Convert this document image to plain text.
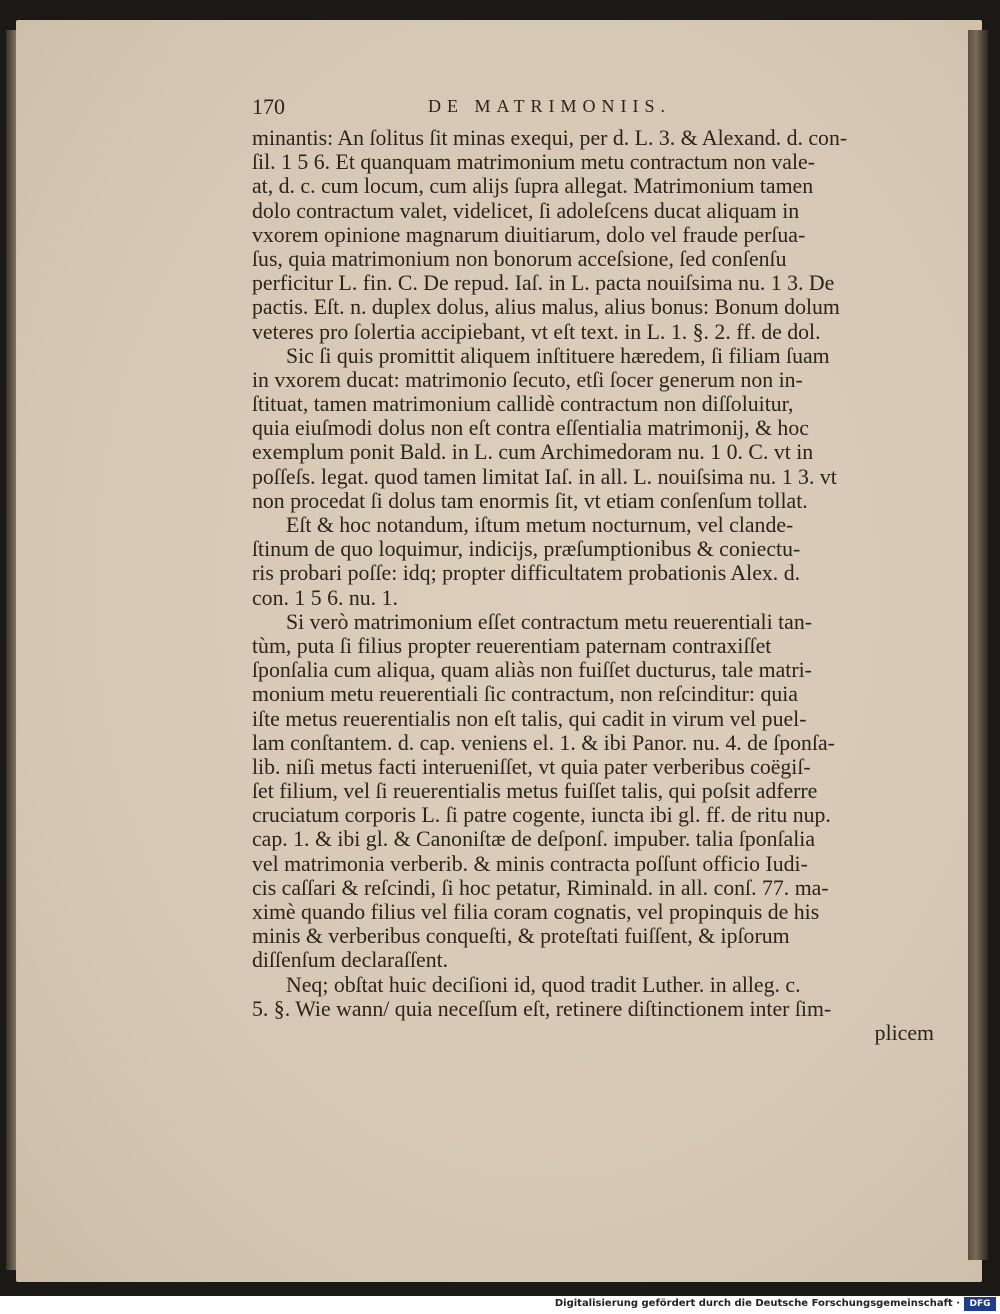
170	DE MATRIMONIIS.
minantis: An ſolitus ſit minas exequi, per d. L. 3. & Alexand. d. con-
ſil. 1 5 6. Et quanquam matrimonium metu contractum non vale-
at, d. c. cum locum, cum alijs ſupra allegat. Matrimonium tamen
dolo contractum valet, videlicet, ſi adoleſcens ducat aliquam in
vxorem opinione magnarum diuitiarum, dolo vel fraude perſua-
ſus, quia matrimonium non bonorum acceſsione, ſed conſenſu
perficitur L. fin. C. De repud. Iaſ. in L. pacta nouiſsima nu. 1 3. De
pactis. Eſt. n. duplex dolus, alius malus, alius bonus: Bonum dolum
veteres pro ſolertia accipiebant, vt eſt text. in L. 1. §. 2. ff. de dol.
Sic ſi quis promittit aliquem inſtituere hæredem, ſi filiam ſuam
in vxorem ducat: matrimonio ſecuto, etſi ſocer generum non in-
ſtituat, tamen matrimonium callidè contractum non diſſoluitur,
quia eiuſmodi dolus non eſt contra eſſentialia matrimonij, & hoc
exemplum ponit Bald. in L. cum Archimedoram nu. 1 0. C. vt in
poſſeſs. legat. quod tamen limitat Iaſ. in all. L. nouiſsima nu. 1 3. vt
non procedat ſi dolus tam enormis ſit, vt etiam conſenſum tollat.
Eſt & hoc notandum, iſtum metum nocturnum, vel clande-
ſtinum de quo loquimur, indicijs, præſumptionibus & coniectu-
ris probari poſſe: idq; propter difficultatem probationis Alex. d.
con. 1 5 6. nu. 1.
Si verò matrimonium eſſet contractum metu reuerentiali tan-
tùm, puta ſi filius propter reuerentiam paternam contraxiſſet
ſponſalia cum aliqua, quam aliàs non fuiſſet ducturus, tale matri-
monium metu reuerentiali ſic contractum, non reſcinditur: quia
iſte metus reuerentialis non eſt talis, qui cadit in virum vel puel-
lam conſtantem. d. cap. veniens el. 1. & ibi Panor. nu. 4. de ſponſa-
lib. niſi metus facti interueniſſet, vt quia pater verberibus coëgiſ-
ſet filium, vel ſi reuerentialis metus fuiſſet talis, qui poſsit adferre
cruciatum corporis L. ſi patre cogente, iuncta ibi gl. ff. de ritu nup.
cap. 1. & ibi gl. & Canoniſtæ de deſponſ. impuber. talia ſponſalia
vel matrimonia verberib. & minis contracta poſſunt officio Iudi-
cis caſſari & reſcindi, ſi hoc petatur, Riminald. in all. conſ. 77. ma-
ximè quando filius vel filia coram cognatis, vel propinquis de his
minis & verberibus conqueſti, & proteſtati fuiſſent, & ipſorum
diſſenſum declaraſſent.
Neq; obſtat huic deciſioni id, quod tradit Luther. in alleg. c.
5. §. Wie wann/ quia neceſſum eſt, retinere diſtinctionem inter ſim-
plicem
Digitalisierung gefördert durch die Deutsche Forschungsgemeinschaft ·	DFG
